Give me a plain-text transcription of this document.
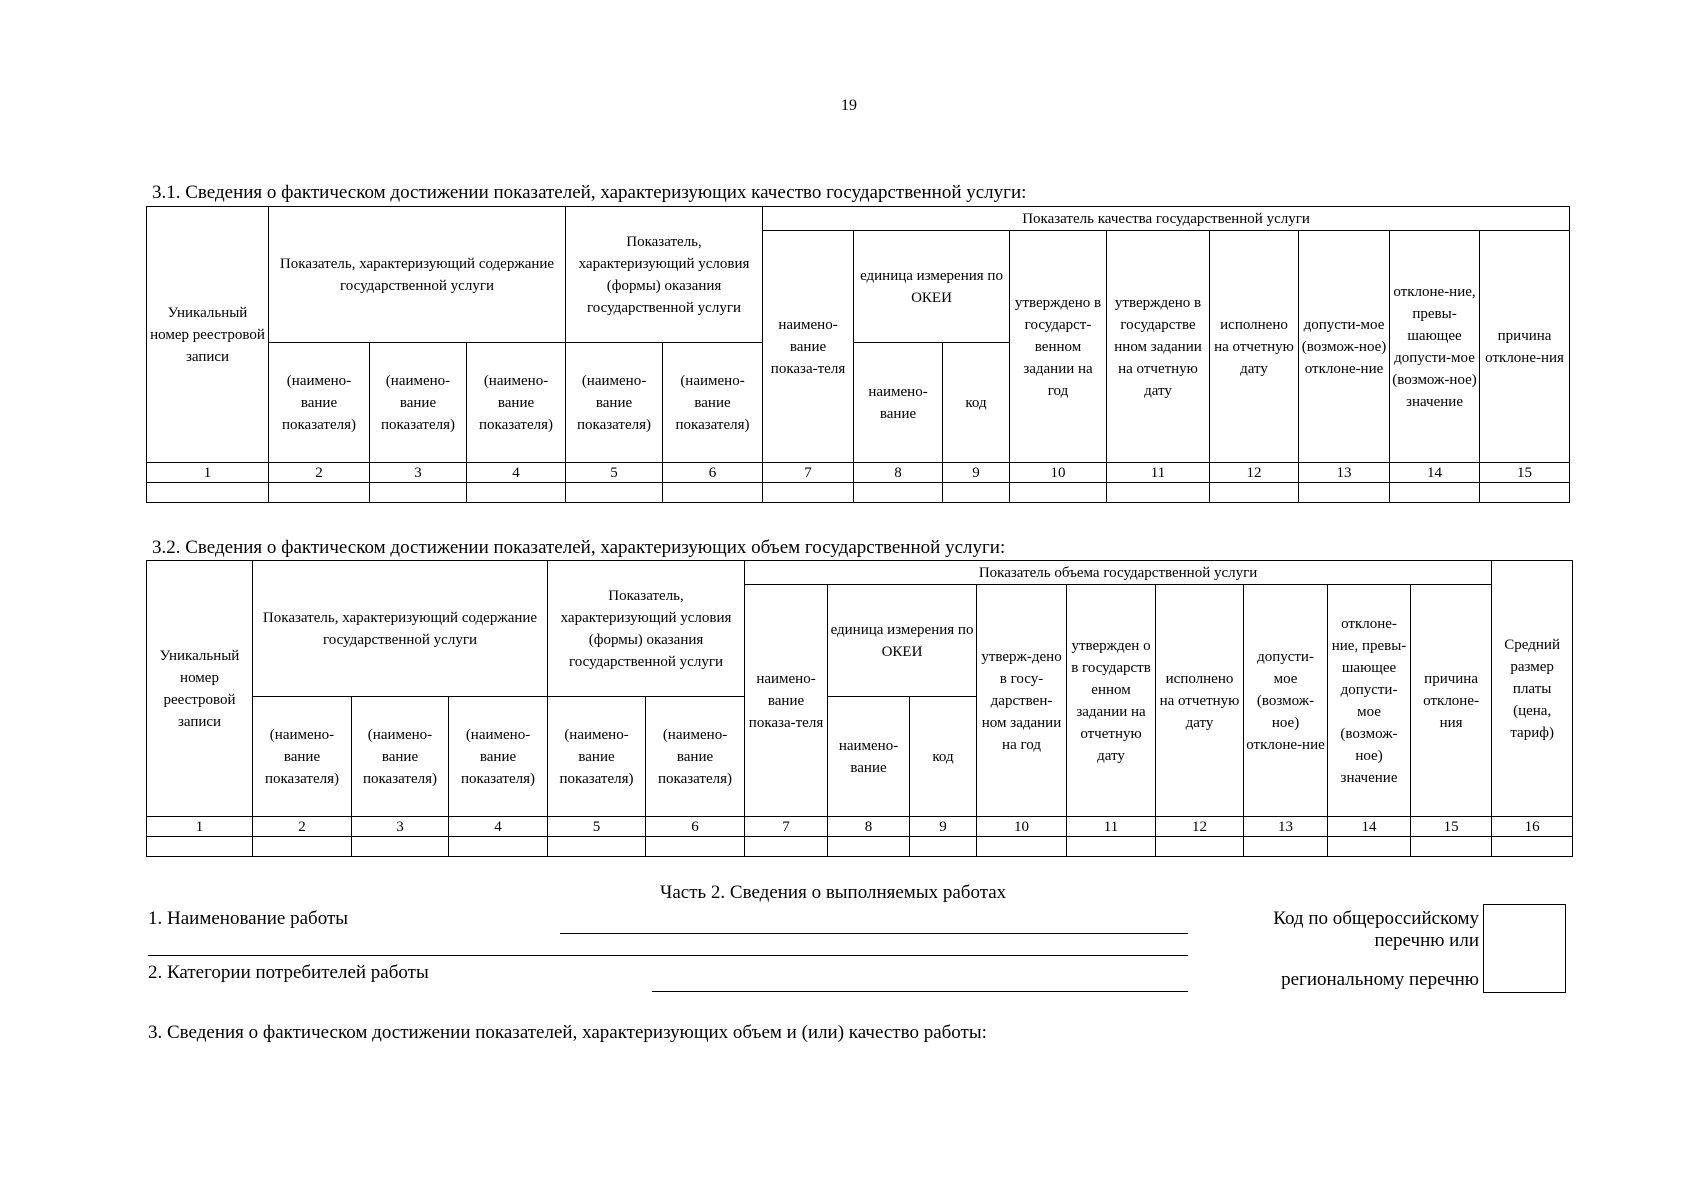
19
3.1. Сведения о фактическом достижении показателей, характеризующих качество государственной услуги:
Уникальный номер реестровой записи	Показатель, характеризующий содержание государственной услуги			Показатель, характеризующий условия (формы) оказания государственной услуги		Показатель качества государственной услуги								
						наимено-вание показа-теля	единица измерения по ОКЕИ		утверждено в государст-венном задании на год	утверждено в государстве нном задании на отчетную дату	исполнено на отчетную дату	допусти-мое (возмож-ное) отклоне-ние	отклоне-ние, превы-шающее допусти-мое (возмож-ное) значение	причина отклоне-ния
	(наимено-вание показателя)	(наимено-вание показателя)	(наимено-вание показателя)	(наимено-вание показателя)	(наимено-вание показателя)		наимено-вание	код						
1	2	3	4	5	6	7	8	9	10	11	12	13	14	15

3.2. Сведения о фактическом достижении показателей, характеризующих объем государственной услуги:
Уникальный номер реестровой записи	Показатель, характеризующий содержание государственной услуги			Показатель, характеризующий условия (формы) оказания государственной услуги		Показатель объема государственной услуги									Средний размер платы (цена, тариф)
						наимено-вание показа-теля	единица измерения по ОКЕИ		утверж-дено в госу-дарствен-ном задании на год	утвержден о в государств енном задании на отчетную дату	исполнено на отчетную дату	допусти-мое (возмож-ное) отклоне-ние	отклоне-ние, превы-шающее допусти-мое (возмож-ное) значение	причина отклоне-ния	
	(наимено-вание показателя)	(наимено-вание показателя)	(наимено-вание показателя)	(наимено-вание показателя)	(наимено-вание показателя)		наимено-вание	код							
1	2	3	4	5	6	7	8	9	10	11	12	13	14	15	16

Часть 2. Сведения о выполняемых работах
1. Наименование работы
2. Категории потребителей работы
Код по общероссийскому
перечню или
региональному перечню
3. Сведения о фактическом достижении показателей, характеризующих объем и (или) качество работы:
